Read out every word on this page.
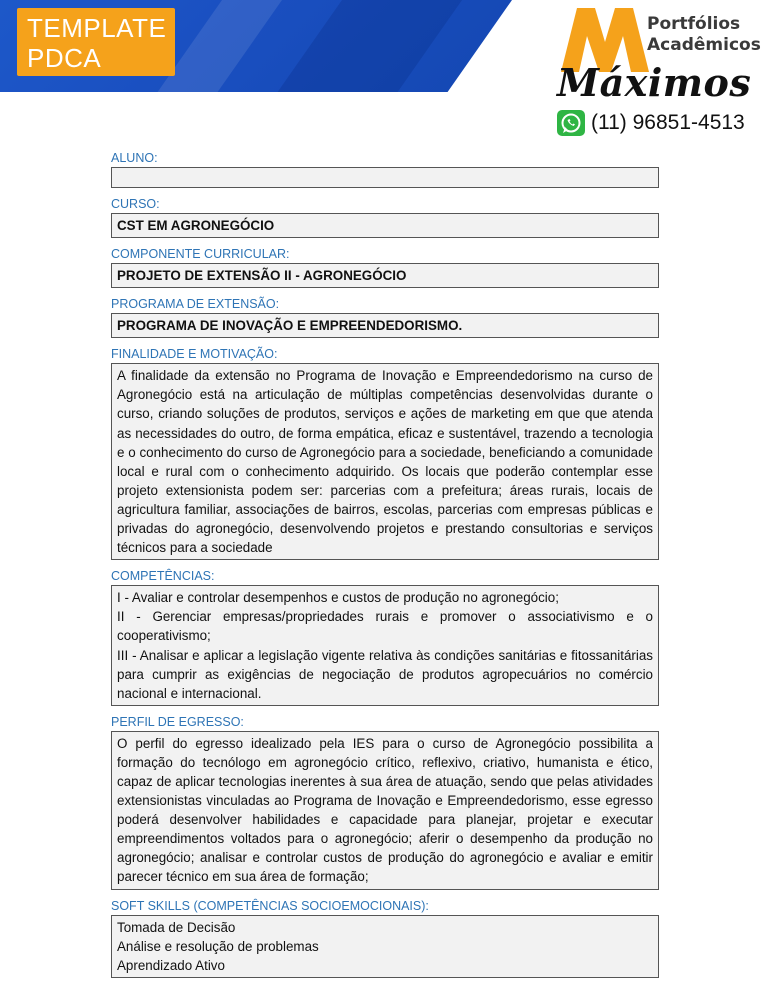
TEMPLATE
PDCA
Portfólios
Acadêmicos
Máximos
(11) 96851-4513
ALUNO:
CURSO:
CST EM AGRONEGÓCIO
COMPONENTE CURRICULAR:
PROJETO DE EXTENSÃO II - AGRONEGÓCIO
PROGRAMA DE EXTENSÃO:
PROGRAMA DE INOVAÇÃO E EMPREENDEDORISMO.
FINALIDADE E MOTIVAÇÃO:
A finalidade da extensão no Programa de Inovação e Empreendedorismo na curso de Agronegócio está na articulação de múltiplas competências desenvolvidas durante o curso, criando soluções de produtos, serviços e ações de marketing em que que atenda as necessidades do outro, de forma empática, eficaz e sustentável, trazendo a tecnologia e o conhecimento do curso de Agronegócio para a sociedade, beneficiando a comunidade local e rural com o conhecimento adquirido. Os locais que poderão contemplar esse projeto extensionista podem ser: parcerias com a prefeitura; áreas rurais, locais de agricultura familiar, associações de bairros, escolas, parcerias com empresas públicas e privadas do agronegócio, desenvolvendo projetos e prestando consultorias e serviços técnicos para a sociedade
COMPETÊNCIAS:
I - Avaliar e controlar desempenhos e custos de produção no agronegócio;
II - Gerenciar empresas/propriedades rurais e promover o associativismo e o cooperativismo;
III - Analisar e aplicar a legislação vigente relativa às condições sanitárias e fitossanitárias para cumprir as exigências de negociação de produtos agropecuários no comércio nacional e internacional.
PERFIL DE EGRESSO:
O perfil do egresso idealizado pela IES para o curso de Agronegócio possibilita a formação do tecnólogo em agronegócio crítico, reflexivo, criativo, humanista e ético, capaz de aplicar tecnologias inerentes à sua área de atuação, sendo que pelas atividades extensionistas vinculadas ao Programa de Inovação e Empreendedorismo, esse egresso poderá desenvolver habilidades e capacidade para planejar, projetar e executar empreendimentos voltados para o agronegócio; aferir o desempenho da produção no agronegócio; analisar e controlar custos de produção do agronegócio e avaliar e emitir parecer técnico em sua área de formação;
SOFT SKILLS (COMPETÊNCIAS SOCIOEMOCIONAIS):
Tomada de Decisão
Análise e resolução de problemas
Aprendizado Ativo
